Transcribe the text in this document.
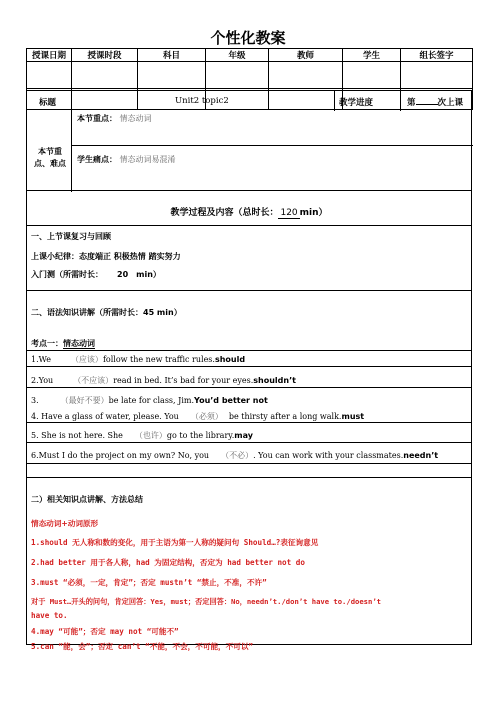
个性化教案
授课日期	授课时段	科目	年级	教师	学生	组长签字

标题	Unit2 topic2	教学进度	第	次上课
本节重点、难点
本节重点： 情态动词
学生痛点： 情态动词易混淆
教学过程及内容（总时长： 120 min）
一、上节课复习与回顾
上课小纪律：态度端正 积极热情 踏实努力
入门测（所需时长： 20 min）
二、语法知识讲解（所需时长：45 min）
考点一：情态动词
1.We	（应该）follow the new traffic rules.should
2.You	（不应该）read in bed. It’s bad for your eyes.shouldn’t
3.	（最好不要）be late for class, Jim.You’d better not
4. Have a glass of water, please. You （必须） be thirsty after a long walk.must
5. She is not here. She （也许）go to the library.may
6.Must I do the project on my own? No, you （不必）. You can work with your classmates.needn’t
二）相关知识点讲解、方法总结
情态动词+动词原形
1.should 无人称和数的变化，用于主语为第一人称的疑问句 Should…?表征询意见
2.had better 用于各人称，had 为固定结构，否定为 had better not do
3.must “必须，一定，肯定”；否定 mustn’t “禁止，不准，不许”
对于 Must…开头的问句，肯定回答：Yes，must；否定回答：No，needn’t./don’t have to./doesn’t
have to.
4.may “可能”；否定 may not “可能不”
5.can “能，会”；否定 can’t “不能，不会，不可能，不可以”
